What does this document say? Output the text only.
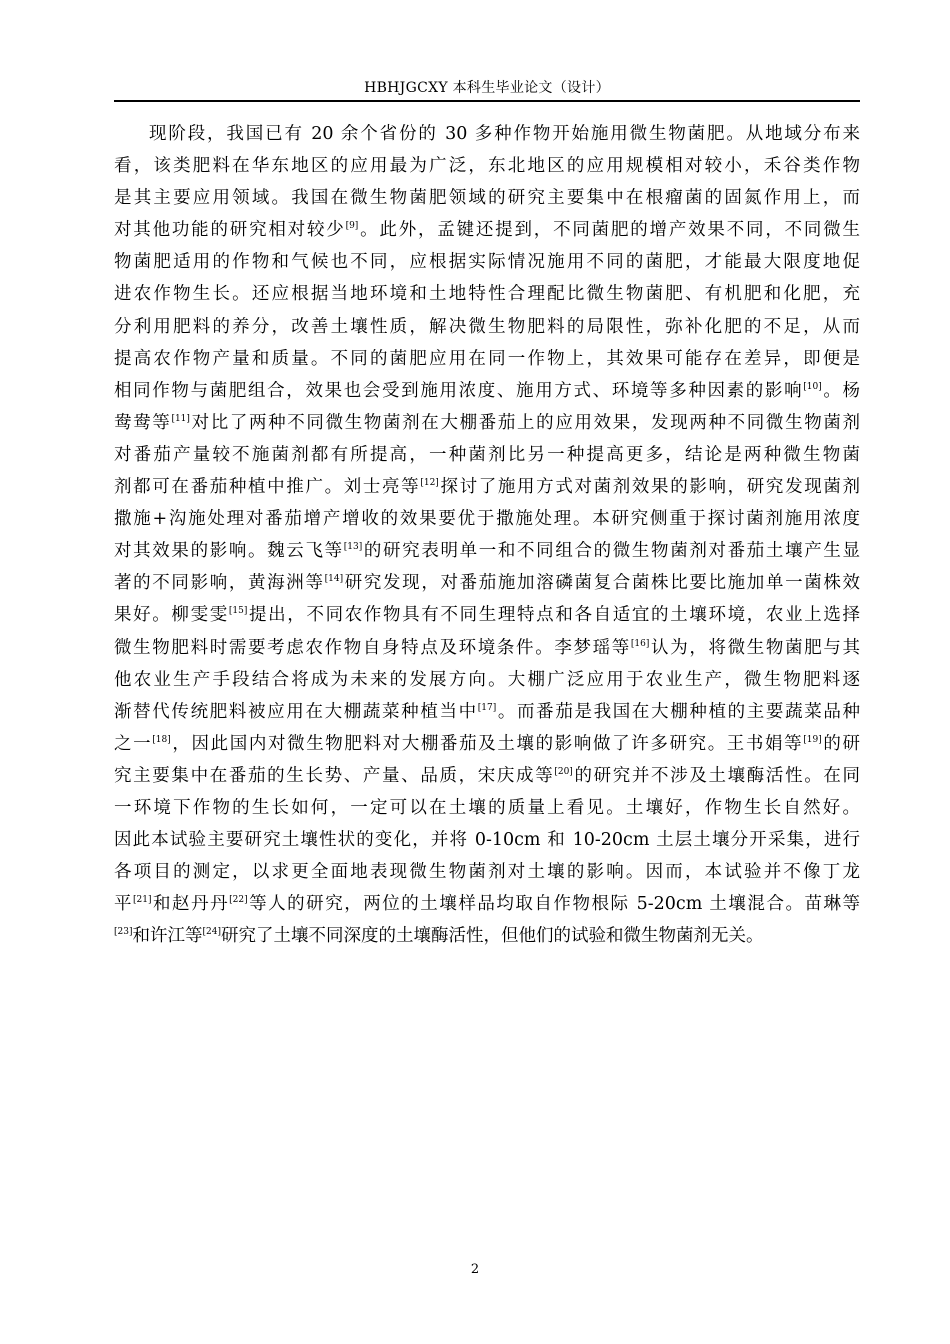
HBHJGCXY 本科生毕业论文（设计）
现阶段，我国已有 20 余个省份的 30 多种作物开始施用微生物菌肥。从地域分布来
看，该类肥料在华东地区的应用最为广泛，东北地区的应用规模相对较小，禾谷类作物
是其主要应用领域。我国在微生物菌肥领域的研究主要集中在根瘤菌的固氮作用上，而
对其他功能的研究相对较少[9]。此外，孟键还提到，不同菌肥的增产效果不同，不同微生
物菌肥适用的作物和气候也不同，应根据实际情况施用不同的菌肥，才能最大限度地促
进农作物生长。还应根据当地环境和土地特性合理配比微生物菌肥、有机肥和化肥，充
分利用肥料的养分，改善土壤性质，解决微生物肥料的局限性，弥补化肥的不足，从而
提高农作物产量和质量。不同的菌肥应用在同一作物上，其效果可能存在差异，即便是
相同作物与菌肥组合，效果也会受到施用浓度、施用方式、环境等多种因素的影响[10]。杨
鸯鸯等[11]对比了两种不同微生物菌剂在大棚番茄上的应用效果，发现两种不同微生物菌剂
对番茄产量较不施菌剂都有所提高，一种菌剂比另一种提高更多，结论是两种微生物菌
剂都可在番茄种植中推广。刘士亮等[12]探讨了施用方式对菌剂效果的影响，研究发现菌剂
撒施+沟施处理对番茄增产增收的效果要优于撒施处理。本研究侧重于探讨菌剂施用浓度
对其效果的影响。魏云飞等[13]的研究表明单一和不同组合的微生物菌剂对番茄土壤产生显
著的不同影响，黄海洲等[14]研究发现，对番茄施加溶磷菌复合菌株比要比施加单一菌株效
果好。柳雯雯[15]提出，不同农作物具有不同生理特点和各自适宜的土壤环境，农业上选择
微生物肥料时需要考虑农作物自身特点及环境条件。李梦瑶等[16]认为，将微生物菌肥与其
他农业生产手段结合将成为未来的发展方向。大棚广泛应用于农业生产，微生物肥料逐
渐替代传统肥料被应用在大棚蔬菜种植当中[17]。而番茄是我国在大棚种植的主要蔬菜品种
之一[18]，因此国内对微生物肥料对大棚番茄及土壤的影响做了许多研究。王书娟等[19]的研
究主要集中在番茄的生长势、产量、品质，宋庆成等[20]的研究并不涉及土壤酶活性。在同
一环境下作物的生长如何，一定可以在土壤的质量上看见。土壤好，作物生长自然好。
因此本试验主要研究土壤性状的变化，并将 0-10cm 和 10-20cm 土层土壤分开采集，进行
各项目的测定，以求更全面地表现微生物菌剂对土壤的影响。因而，本试验并不像丁龙
平[21]和赵丹丹[22]等人的研究，两位的土壤样品均取自作物根际 5-20cm 土壤混合。苗琳等
[23]和许江等[24]研究了土壤不同深度的土壤酶活性，但他们的试验和微生物菌剂无关。
2
